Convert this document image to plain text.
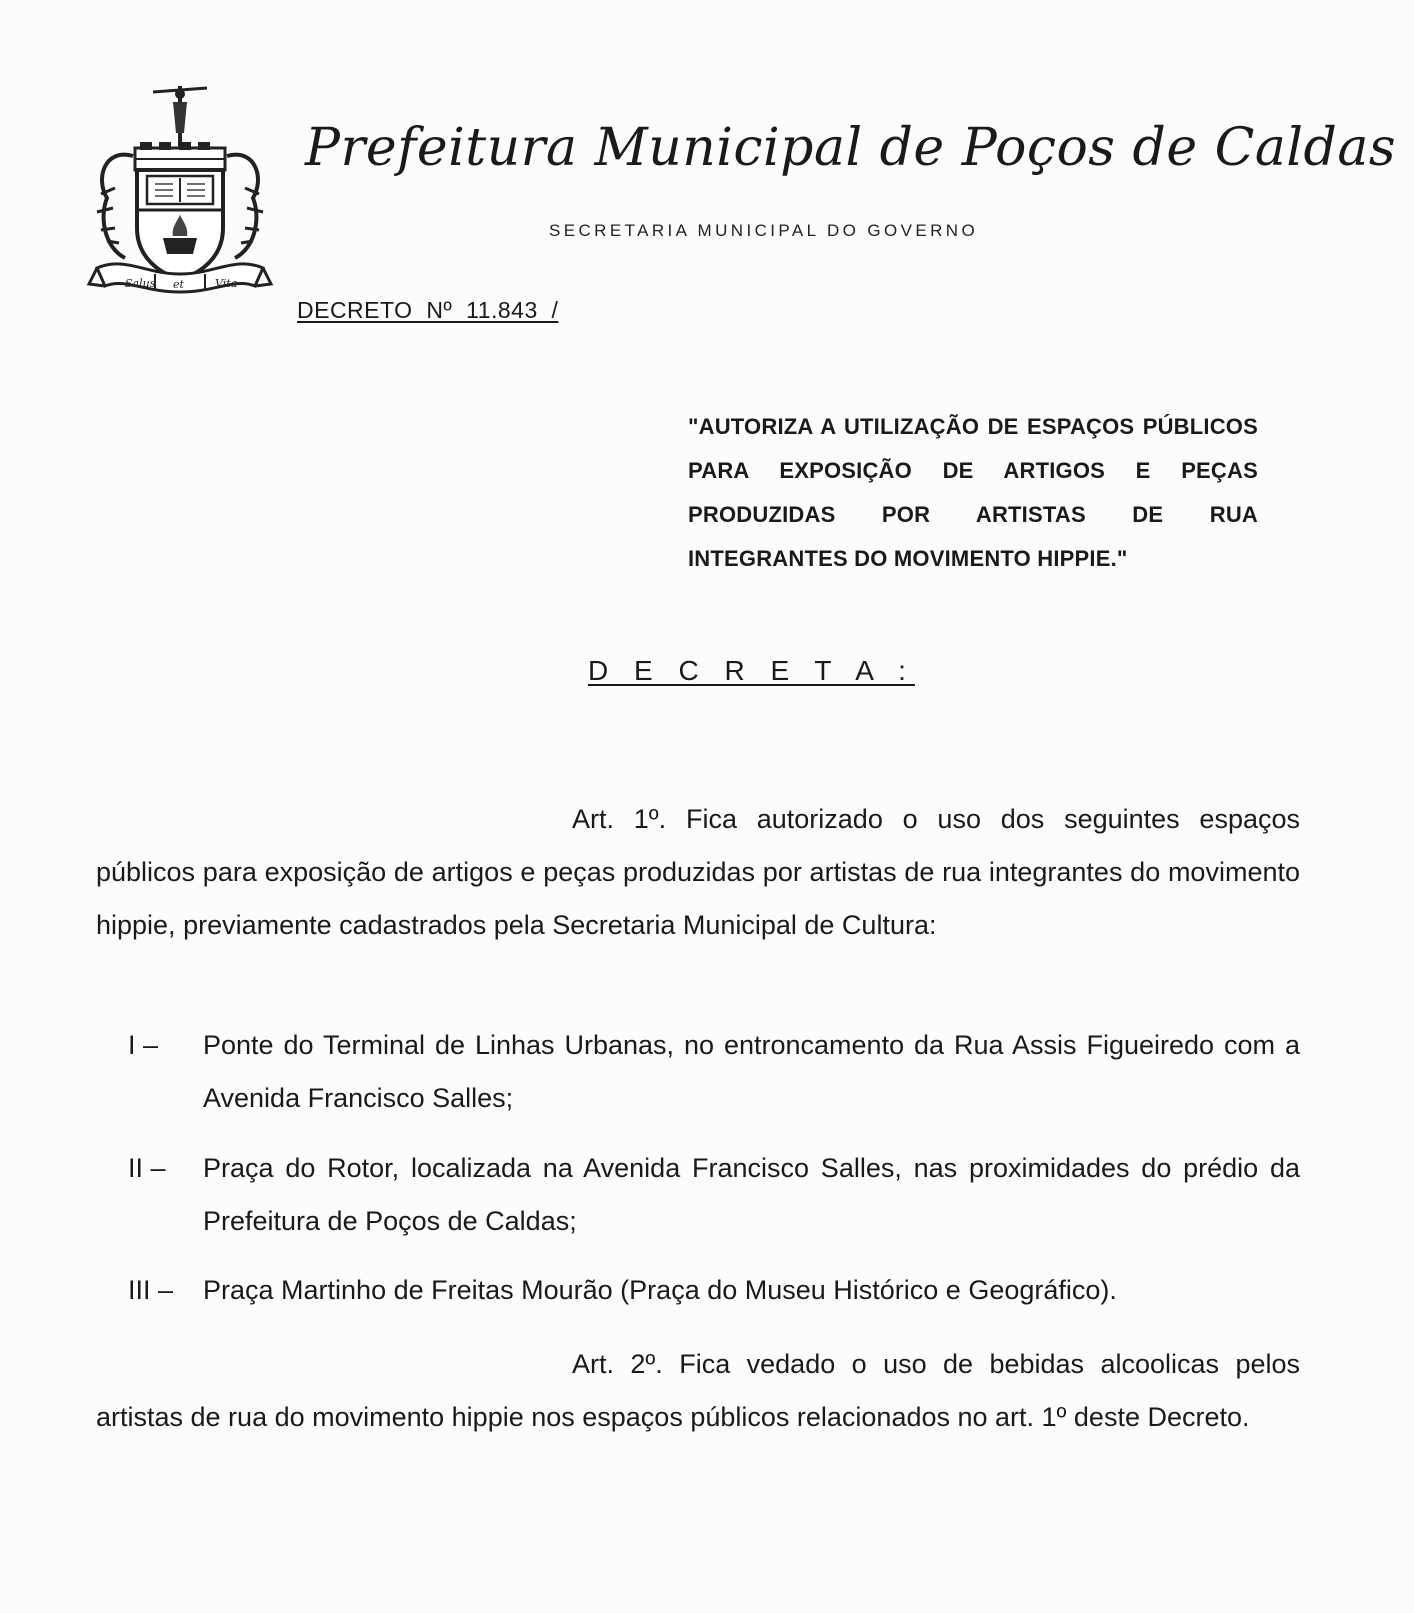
Salus et	Vita
Prefeitura Municipal de Poços de Caldas
SECRETARIA MUNICIPAL DO GOVERNO
DECRETO  Nº  11.843  /
"AUTORIZA A UTILIZAÇÃO DE ESPAÇOS PÚBLICOS PARA EXPOSIÇÃO DE ARTIGOS E PEÇAS PRODUZIDAS POR ARTISTAS DE RUA INTEGRANTES DO MOVIMENTO HIPPIE."
D E C R E T A :
Art. 1º. Fica autorizado o uso dos seguintes espaços públicos para exposição de artigos e peças produzidas por artistas de rua integrantes do movimento hippie, previamente cadastrados pela Secretaria Municipal de Cultura:
I –	Ponte do Terminal de Linhas Urbanas, no entroncamento da Rua Assis Figueiredo com a Avenida Francisco Salles;
II –	Praça do Rotor, localizada na Avenida Francisco Salles, nas proximidades do prédio da Prefeitura de Poços de Caldas;
III –	Praça Martinho de Freitas Mourão (Praça do Museu Histórico e Geográfico).
Art. 2º. Fica vedado o uso de bebidas alcoolicas pelos artistas de rua do movimento hippie nos espaços públicos relacionados no art. 1º deste Decreto.
